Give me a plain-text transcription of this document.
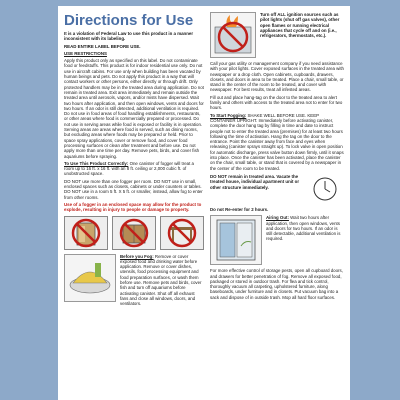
Directions for Use

It is a violation of Federal Law to use this product in a manner inconsistent with its labeling.

READ ENTIRE LABEL BEFORE USE.

USE RESTRICTIONS

Apply this product only as specified on this label. Do not contaminate food or feedstuffs. This product is for indoor residential use only. Do not use in aircraft cabins. For use only when building has been vacated by human beings and pets. Do not apply this product in a way that will contact workers or other persons, either directly or through drift. Only protected handlers may be in the treated area during application. Do not remain in treated area. Exit area immediately and remain outside the treated area until aerosols, vapors, and/or mists have dispersed. Wait two hours after application, and then open windows, vents and doors for two hours. If an odor is still detected, additional ventilation is required. Do not use in food areas of food handling establishments, restaurants, or other areas where food is commercially prepared or processed. Do not use in serving areas while food is exposed or facility is in operation. Serving areas are areas where food is served, such as dining rooms, but excluding areas where foods may be prepared or held. Prior to space spray applications, cover or remove food, and cover food processing surfaces or clean after treatment and before use. Do not apply more than one time per day. Remove pets, birds, and cover fish aquariums before spraying.

To Use This Product Correctly: One canister of fogger will treat a room up to 16 ft. x 16 ft. with an 8 ft. ceiling or 2,000 cubic ft. of unobstructed space.

DO NOT use more than one fogger per room. DO NOT use in small, enclosed spaces such as closets, cabinets or under counters or tables. DO NOT use in a room 5 ft. X 5 ft. or smaller, instead, allow fog to enter from other rooms.

Use of a fogger in an enclosed space may allow for the product to explode, resulting in injury to people or damage to property.

Before you Fog: Remove or cover exposed food and drinking water before application. Remove or cover dishes, utensils, food processing equipment and food preparation surfaces, or wash them before use. Remove pets and birds, cover fish and turn off aquariums before activating canister. Shut off all exhaust fans and close all windows, doors, and ventilators.

Turn off ALL ignition sources such as pilot lights (shut off gas valves), other open flames or running electrical appliances that cycle off and on (i.e., refrigerators, thermostats, etc.).

Call your gas utility or management company if you need assistance with your pilot lights. Cover exposed surfaces in the treated area with newspaper or a drop cloth. Open cabinets, cupboards, drawers, closets, and doors in area to be treated. Place a chair, small table, or stand in the center of the room to be treated, and cover with newspaper. For best results, treat all infested areas.

Fill out and place hang-tag on the door to the treated area to alert family and others with access to the treated area not to enter for two hours.

To Start Fogging: SHAKE WELL BEFORE USE. KEEP CONTAINER UPRIGHT. Immediately before activating canister, complete the door hang tag by filling in time and date to instruct people not to enter the treated area (premises) for at least two hours following the time of activation. Hang the tag on the door to the entrance. Point the canister away from face and eyes when releasing (canister sprays straight up). To lock valve in open position for automatic discharge, press valve button down firmly, until it snaps into place. Once the canister has been activated, place the canister on the chair, small table, or stand that is covered by a newspaper in the center of the room to be treated.

DO NOT remain in treated area. Vacate the treated house, individual apartment unit or other structure immediately.

Do not Re-enter for 2 hours.

Airing Out: Wait two hours after application, then open windows, vents and doors for two hours. If an odor is still detectable, additional ventilation is required.

For more effective control of storage pests, open all cupboard doors, and drawers for better penetration of fog. Remove all exposed food, packaged or stored in outdoor trash. For flea and tick control, thoroughly vacuum all carpeting, upholstered furniture, along baseboards, under furniture and in closets. Put vacuum bag into a sack and dispose of in outside trash. Mop all hard floor surfaces.
